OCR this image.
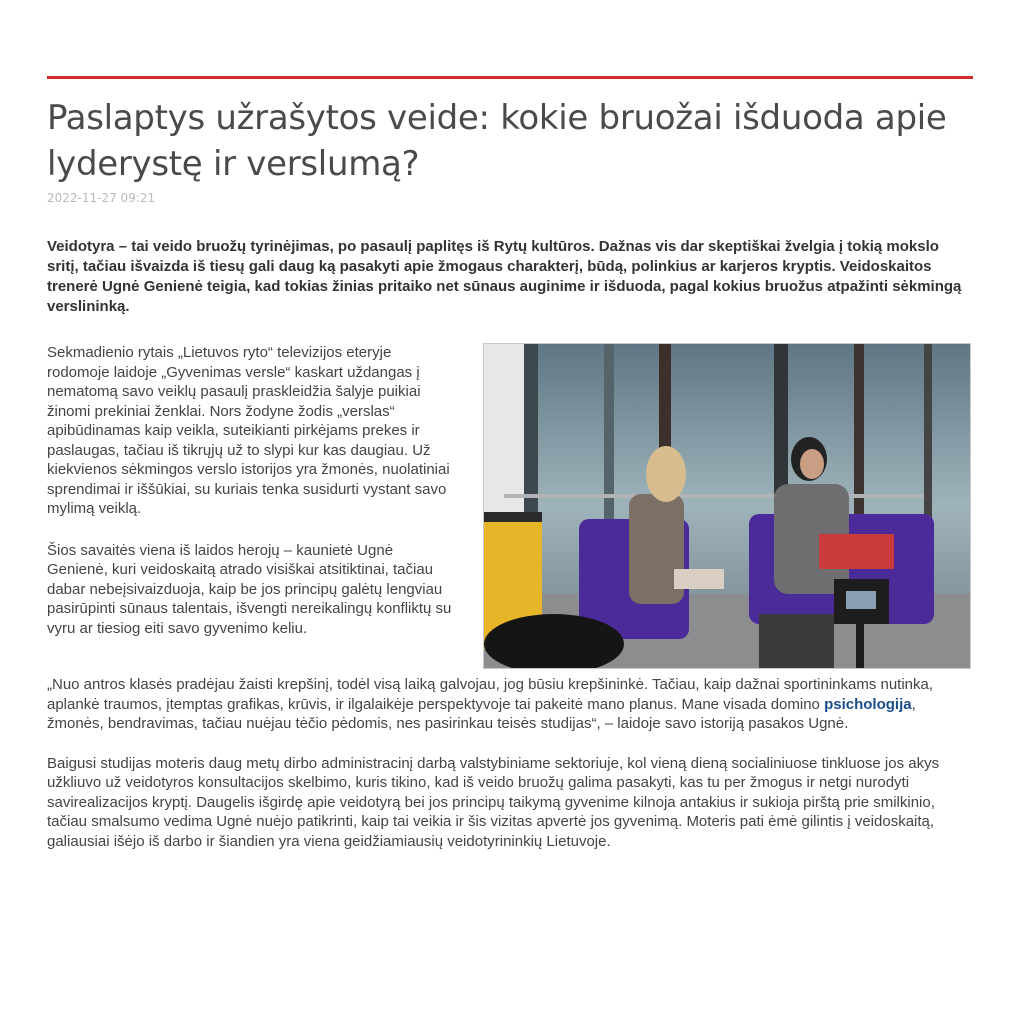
Paslaptys užrašytos veide: kokie bruožai išduoda apie lyderystę ir verslumą?
2022-11-27 09:21

Veidotyra – tai veido bruožų tyrinėjimas, po pasaulį paplitęs iš Rytų kultūros. Dažnas vis dar skeptiškai žvelgia į tokią mokslo sritį, tačiau išvaizda iš tiesų gali daug ką pasakyti apie žmogaus charakterį, būdą, polinkius ar karjeros kryptis. Veidoskaitos trenerė Ugnė Genienė teigia, kad tokias žinias pritaiko net sūnaus auginime ir išduoda, pagal kokius bruožus atpažinti sėkmingą verslininką.

Sekmadienio rytais „Lietuvos ryto“ televizijos eteryje rodomoje laidoje „Gyvenimas versle“ kaskart uždangas į nematomą savo veiklų pasaulį praskleidžia šalyje puikiai žinomi prekiniai ženklai. Nors žodyne žodis „verslas“ apibūdinamas kaip veikla, suteikianti pirkėjams prekes ir paslaugas, tačiau iš tikrųjų už to slypi kur kas daugiau. Už kiekvienos sėkmingos verslo istorijos yra žmonės, nuolatiniai sprendimai ir iššūkiai, su kuriais tenka susidurti vystant savo mylimą veiklą.

Šios savaitės viena iš laidos herojų – kaunietė Ugnė Genienė, kuri veidoskaitą atrado visiškai atsitiktinai, tačiau dabar nebeįsivaizduoja, kaip be jos principų galėtų lengviau pasirūpinti sūnaus talentais, išvengti nereikalingų konfliktų su vyru ar tiesiog eiti savo gyvenimo keliu.

„Nuo antros klasės pradėjau žaisti krepšinį, todėl visą laiką galvojau, jog būsiu krepšininkė. Tačiau, kaip dažnai sportininkams nutinka, aplankė traumos, įtemptas grafikas, krūvis, ir ilgalaikėje perspektyvoje tai pakeitė mano planus. Mane visada domino psichologija, žmonės, bendravimas, tačiau nuėjau tėčio pėdomis, nes pasirinkau teisės studijas“, – laidoje savo istoriją pasakos Ugnė.

Baigusi studijas moteris daug metų dirbo administracinį darbą valstybiniame sektoriuje, kol vieną dieną socialiniuose tinkluose jos akys užkliuvo už veidotyros konsultacijos skelbimo, kuris tikino, kad iš veido bruožų galima pasakyti, kas tu per žmogus ir netgi nurodyti savirealizacijos kryptį. Daugelis išgirdę apie veidotyrą bei jos principų taikymą gyvenime kilnoja antakius ir sukioja pirštą prie smilkinio, tačiau smalsumo vedima Ugnė nuėjo patikrinti, kaip tai veikia ir šis vizitas apvertė jos gyvenimą. Moteris pati ėmė gilintis į veidoskaitą, galiausiai išėjo iš darbo ir šiandien yra viena geidžiamiausių veidotyrininkių Lietuvoje.
